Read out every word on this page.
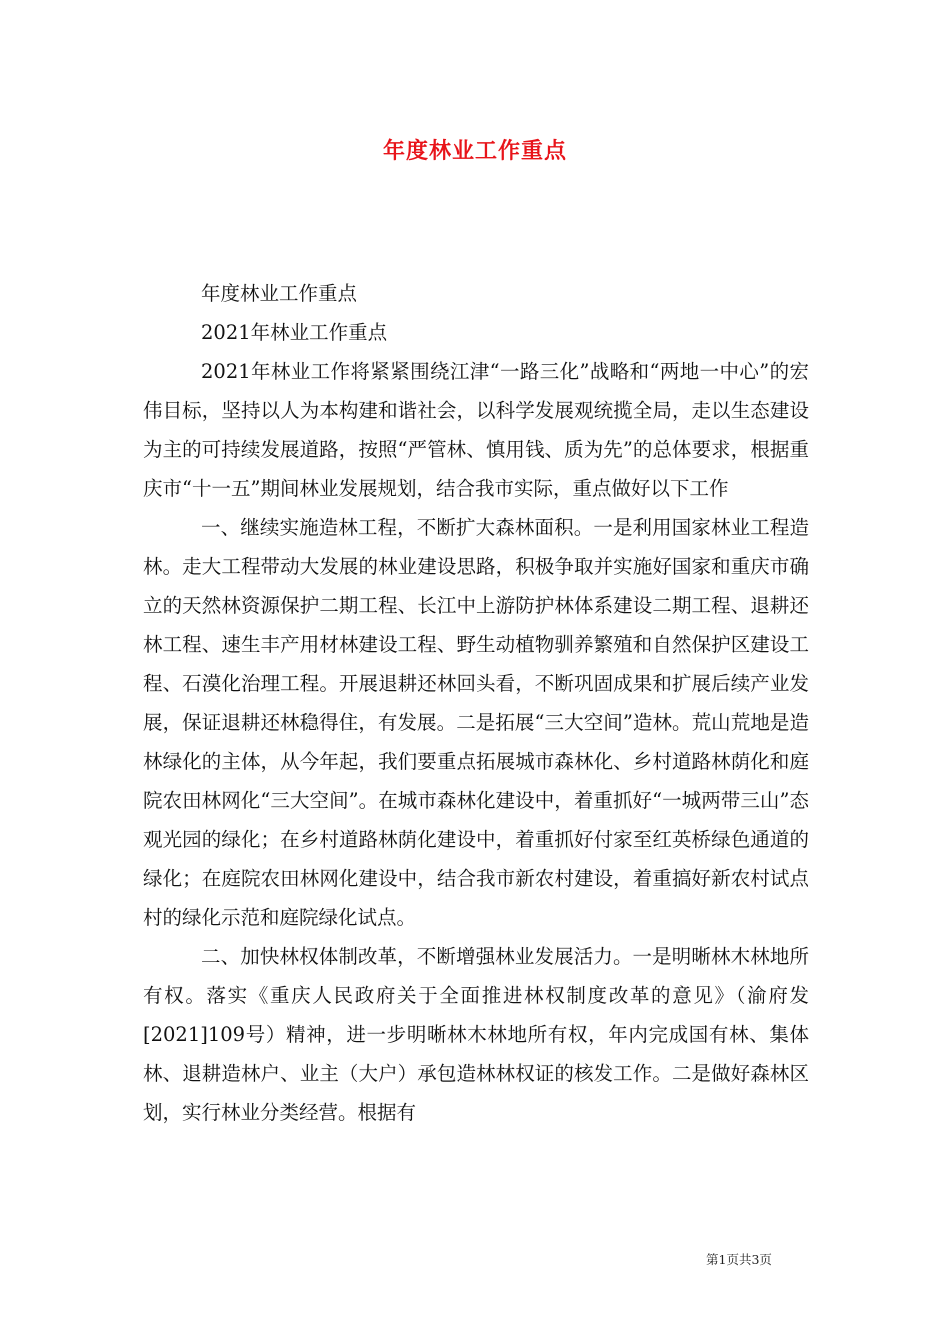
年度林业工作重点

年度林业工作重点

2021年林业工作重点

2021年林业工作将紧紧围绕江津“一路三化”战略和“两地一中心”的宏伟目标，坚持以人为本构建和谐社会，以科学发展观统揽全局，走以生态建设为主的可持续发展道路，按照“严管林、慎用钱、质为先”的总体要求，根据重庆市“十一五”期间林业发展规划，结合我市实际，重点做好以下工作

一、继续实施造林工程，不断扩大森林面积。一是利用国家林业工程造林。走大工程带动大发展的林业建设思路，积极争取并实施好国家和重庆市确立的天然林资源保护二期工程、长江中上游防护林体系建设二期工程、退耕还林工程、速生丰产用材林建设工程、野生动植物驯养繁殖和自然保护区建设工程、石漠化治理工程。开展退耕还林回头看，不断巩固成果和扩展后续产业发展，保证退耕还林稳得住，有发展。二是拓展“三大空间”造林。荒山荒地是造林绿化的主体，从今年起，我们要重点拓展城市森林化、乡村道路林荫化和庭院农田林网化“三大空间”。在城市森林化建设中，着重抓好“一城两带三山”态观光园的绿化；在乡村道路林荫化建设中，着重抓好付家至红英桥绿色通道的绿化；在庭院农田林网化建设中，结合我市新农村建设，着重搞好新农村试点村的绿化示范和庭院绿化试点。

二、加快林权体制改革，不断增强林业发展活力。一是明晰林木林地所有权。落实《重庆人民政府关于全面推进林权制度改革的意见》（渝府发[2021]109号）精神，进一步明晰林木林地所有权，年内完成国有林、集体林、退耕造林户、业主（大户）承包造林林权证的核发工作。二是做好森林区划，实行林业分类经营。根据有

第1页共3页
